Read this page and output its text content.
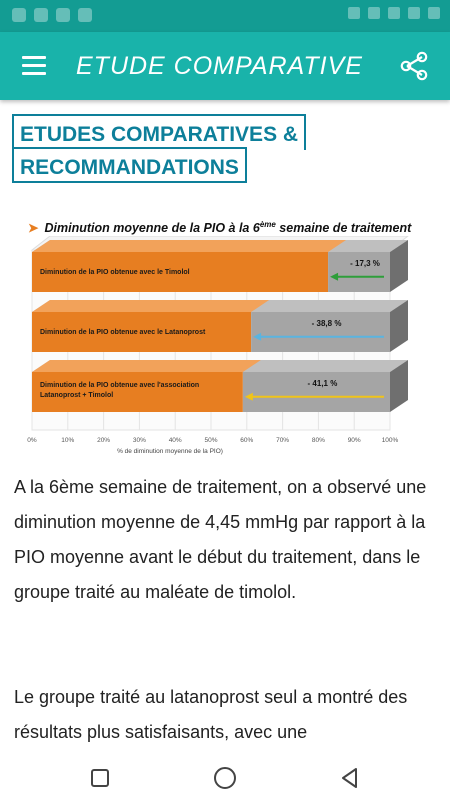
ETUDE COMPARATIVE
ETUDES COMPARATIVES &
RECOMMANDATIONS
➤ Diminution moyenne de la PIO à la 6ème semaine de traitement
- 17,3 %
Diminution de la PIO obtenue avec le Timolol
- 38,8 %
Diminution de la PIO obtenue avec le Latanoprost
- 41,1 %
Diminution de la PIO obtenue avec l'association
Latanoprost + Timolol
0%	10%	20%	30%	40%	50%	60%	70%	80%	90%	100%
% de diminution moyenne de la PIO)

A la 6ème semaine de traitement, on a observé une diminution moyenne de 4,45 mmHg par rapport à la PIO moyenne avant le début du traitement, dans le groupe traité au maléate de timolol.

Le groupe traité au latanoprost seul a montré des résultats plus satisfaisants, avec une
